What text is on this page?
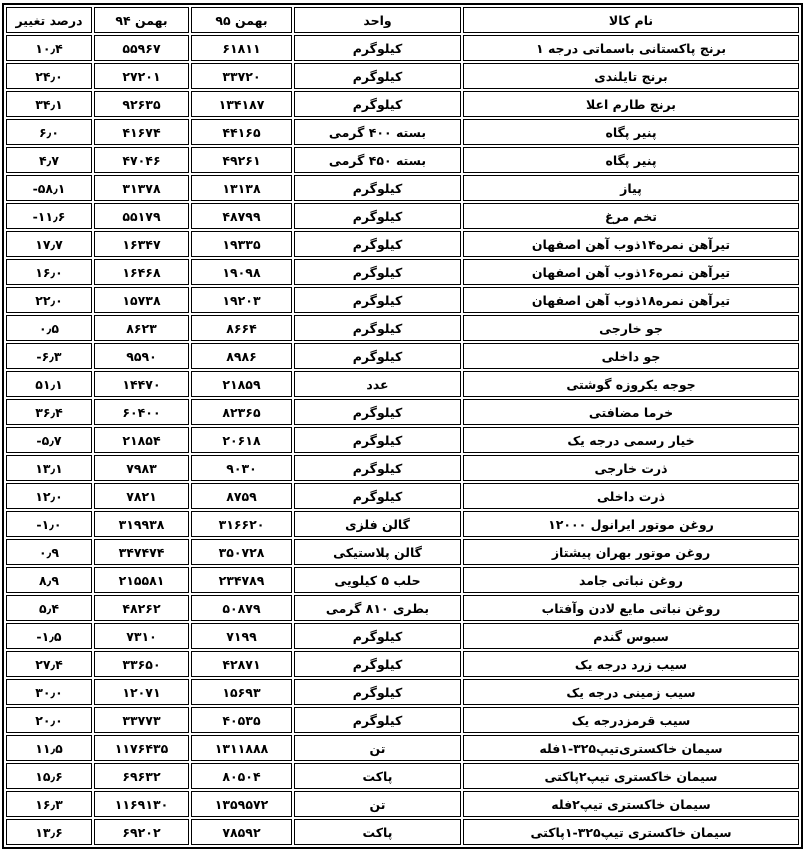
نام کالا	واحد	بهمن ۹۵	بهمن ۹۴	درصد تغییر
برنج پاکستانی باسماتی درجه ۱	کیلوگرم	۶۱۸۱۱	۵۵۹۶۷	۱۰٫۴
برنج تایلندی	کیلوگرم	۳۳۷۲۰	۲۷۲۰۱	۲۴٫۰
برنج طارم اعلا	کیلوگرم	۱۳۴۱۸۷	۹۲۶۳۵	۳۴٫۱
پنیر پگاه	بسته ۴۰۰ گرمی	۴۴۱۶۵	۴۱۶۷۴	۶٫۰
پنیر پگاه	بسته ۴۵۰ گرمی	۴۹۲۶۱	۴۷۰۴۶	۴٫۷
پیاز	کیلوگرم	۱۳۱۳۸	۳۱۳۷۸	-۵۸٫۱
تخم مرغ	کیلوگرم	۴۸۷۹۹	۵۵۱۷۹	-۱۱٫۶
تیرآهن نمره۱۴ذوب آهن اصفهان	کیلوگرم	۱۹۳۳۵	۱۶۳۴۷	۱۷٫۷
تیرآهن نمره۱۶ذوب آهن اصفهان	کیلوگرم	۱۹۰۹۸	۱۶۴۶۸	۱۶٫۰
تیرآهن نمره۱۸ذوب آهن اصفهان	کیلوگرم	۱۹۲۰۳	۱۵۷۳۸	۲۲٫۰
جو خارجی	کیلوگرم	۸۶۶۴	۸۶۲۳	۰٫۵
جو داخلی	کیلوگرم	۸۹۸۶	۹۵۹۰	-۶٫۳
جوجه یکروزه گوشتی	عدد	۲۱۸۵۹	۱۴۴۷۰	۵۱٫۱
خرما مضافتی	کیلوگرم	۸۲۳۶۵	۶۰۴۰۰	۳۶٫۴
خیار رسمی درجه یک	کیلوگرم	۲۰۶۱۸	۲۱۸۵۴	-۵٫۷
ذرت خارجی	کیلوگرم	۹۰۳۰	۷۹۸۳	۱۳٫۱
ذرت داخلی	کیلوگرم	۸۷۵۹	۷۸۲۱	۱۲٫۰
روغن موتور ایرانول ۱۲۰۰۰	گالن فلزی	۳۱۶۶۲۰	۳۱۹۹۳۸	-۱٫۰
روغن موتور بهران پیشتاز	گالن پلاستیکی	۳۵۰۷۲۸	۳۴۷۴۷۴	۰٫۹
روغن نباتی جامد	حلب ۵ کیلویی	۲۳۴۷۸۹	۲۱۵۵۸۱	۸٫۹
روغن نباتی مایع لادن وآفتاب	بطری ۸۱۰ گرمی	۵۰۸۷۹	۴۸۲۶۲	۵٫۴
سبوس گندم	کیلوگرم	۷۱۹۹	۷۳۱۰	-۱٫۵
سیب زرد درجه یک	کیلوگرم	۴۲۸۷۱	۳۳۶۵۰	۲۷٫۴
سیب زمینی درجه یک	کیلوگرم	۱۵۶۹۳	۱۲۰۷۱	۳۰٫۰
سیب قرمزدرجه یک	کیلوگرم	۴۰۵۳۵	۳۳۷۷۳	۲۰٫۰
سیمان خاکستری‌تیپ۳۲۵-۱فله	تن	۱۳۱۱۸۸۸	۱۱۷۶۴۳۵	۱۱٫۵
سیمان خاکستری تیپ۲پاکتی	پاکت	۸۰۵۰۴	۶۹۶۳۲	۱۵٫۶
سیمان خاکستری تیپ۲فله	تن	۱۳۵۹۵۷۲	۱۱۶۹۱۳۰	۱۶٫۳
سیمان خاکستری تیپ۳۲۵-۱پاکتی	پاکت	۷۸۵۹۲	۶۹۲۰۲	۱۳٫۶
